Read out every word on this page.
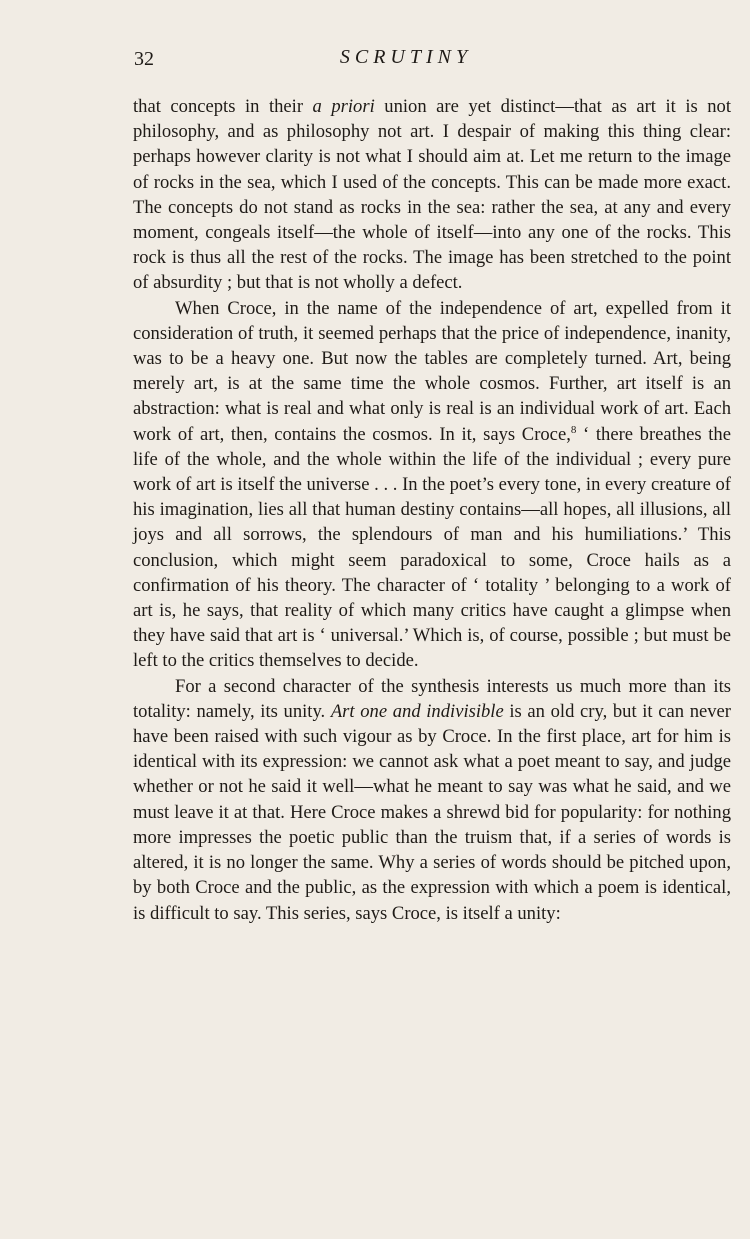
32	SCRUTINY

that concepts in their a priori union are yet distinct—that as art it is not philosophy, and as philosophy not art. I despair of making this thing clear: perhaps however clarity is not what I should aim at. Let me return to the image of rocks in the sea, which I used of the concepts. This can be made more exact. The concepts do not stand as rocks in the sea: rather the sea, at any and every moment, congeals itself—the whole of itself—into any one of the rocks. This rock is thus all the rest of the rocks. The image has been stretched to the point of absurdity ; but that is not wholly a defect.

When Croce, in the name of the independence of art, expelled from it consideration of truth, it seemed perhaps that the price of independence, inanity, was to be a heavy one. But now the tables are completely turned. Art, being merely art, is at the same time the whole cosmos. Further, art itself is an abstraction: what is real and what only is real is an individual work of art. Each work of art, then, contains the cosmos. In it, says Croce,$^8$ ‘ there breathes the life of the whole, and the whole within the life of the individual ; every pure work of art is itself the universe . . . In the poet’s every tone, in every creature of his imagination, lies all that human destiny contains—all hopes, all illusions, all joys and all sorrows, the splendours of man and his humiliations.’ This conclusion, which might seem paradoxical to some, Croce hails as a confirmation of his theory. The character of ‘ totality ’ belonging to a work of art is, he says, that reality of which many critics have caught a glimpse when they have said that art is ‘ universal.’ Which is, of course, possible ; but must be left to the critics themselves to decide.

For a second character of the synthesis interests us much more than its totality: namely, its unity. Art one and indivisible is an old cry, but it can never have been raised with such vigour as by Croce. In the first place, art for him is identical with its expression: we cannot ask what a poet meant to say, and judge whether or not he said it well—what he meant to say was what he said, and we must leave it at that. Here Croce makes a shrewd bid for popularity: for nothing more impresses the poetic public than the truism that, if a series of words is altered, it is no longer the same. Why a series of words should be pitched upon, by both Croce and the public, as the expression with which a poem is identical, is difficult to say. This series, says Croce, is itself a unity:
